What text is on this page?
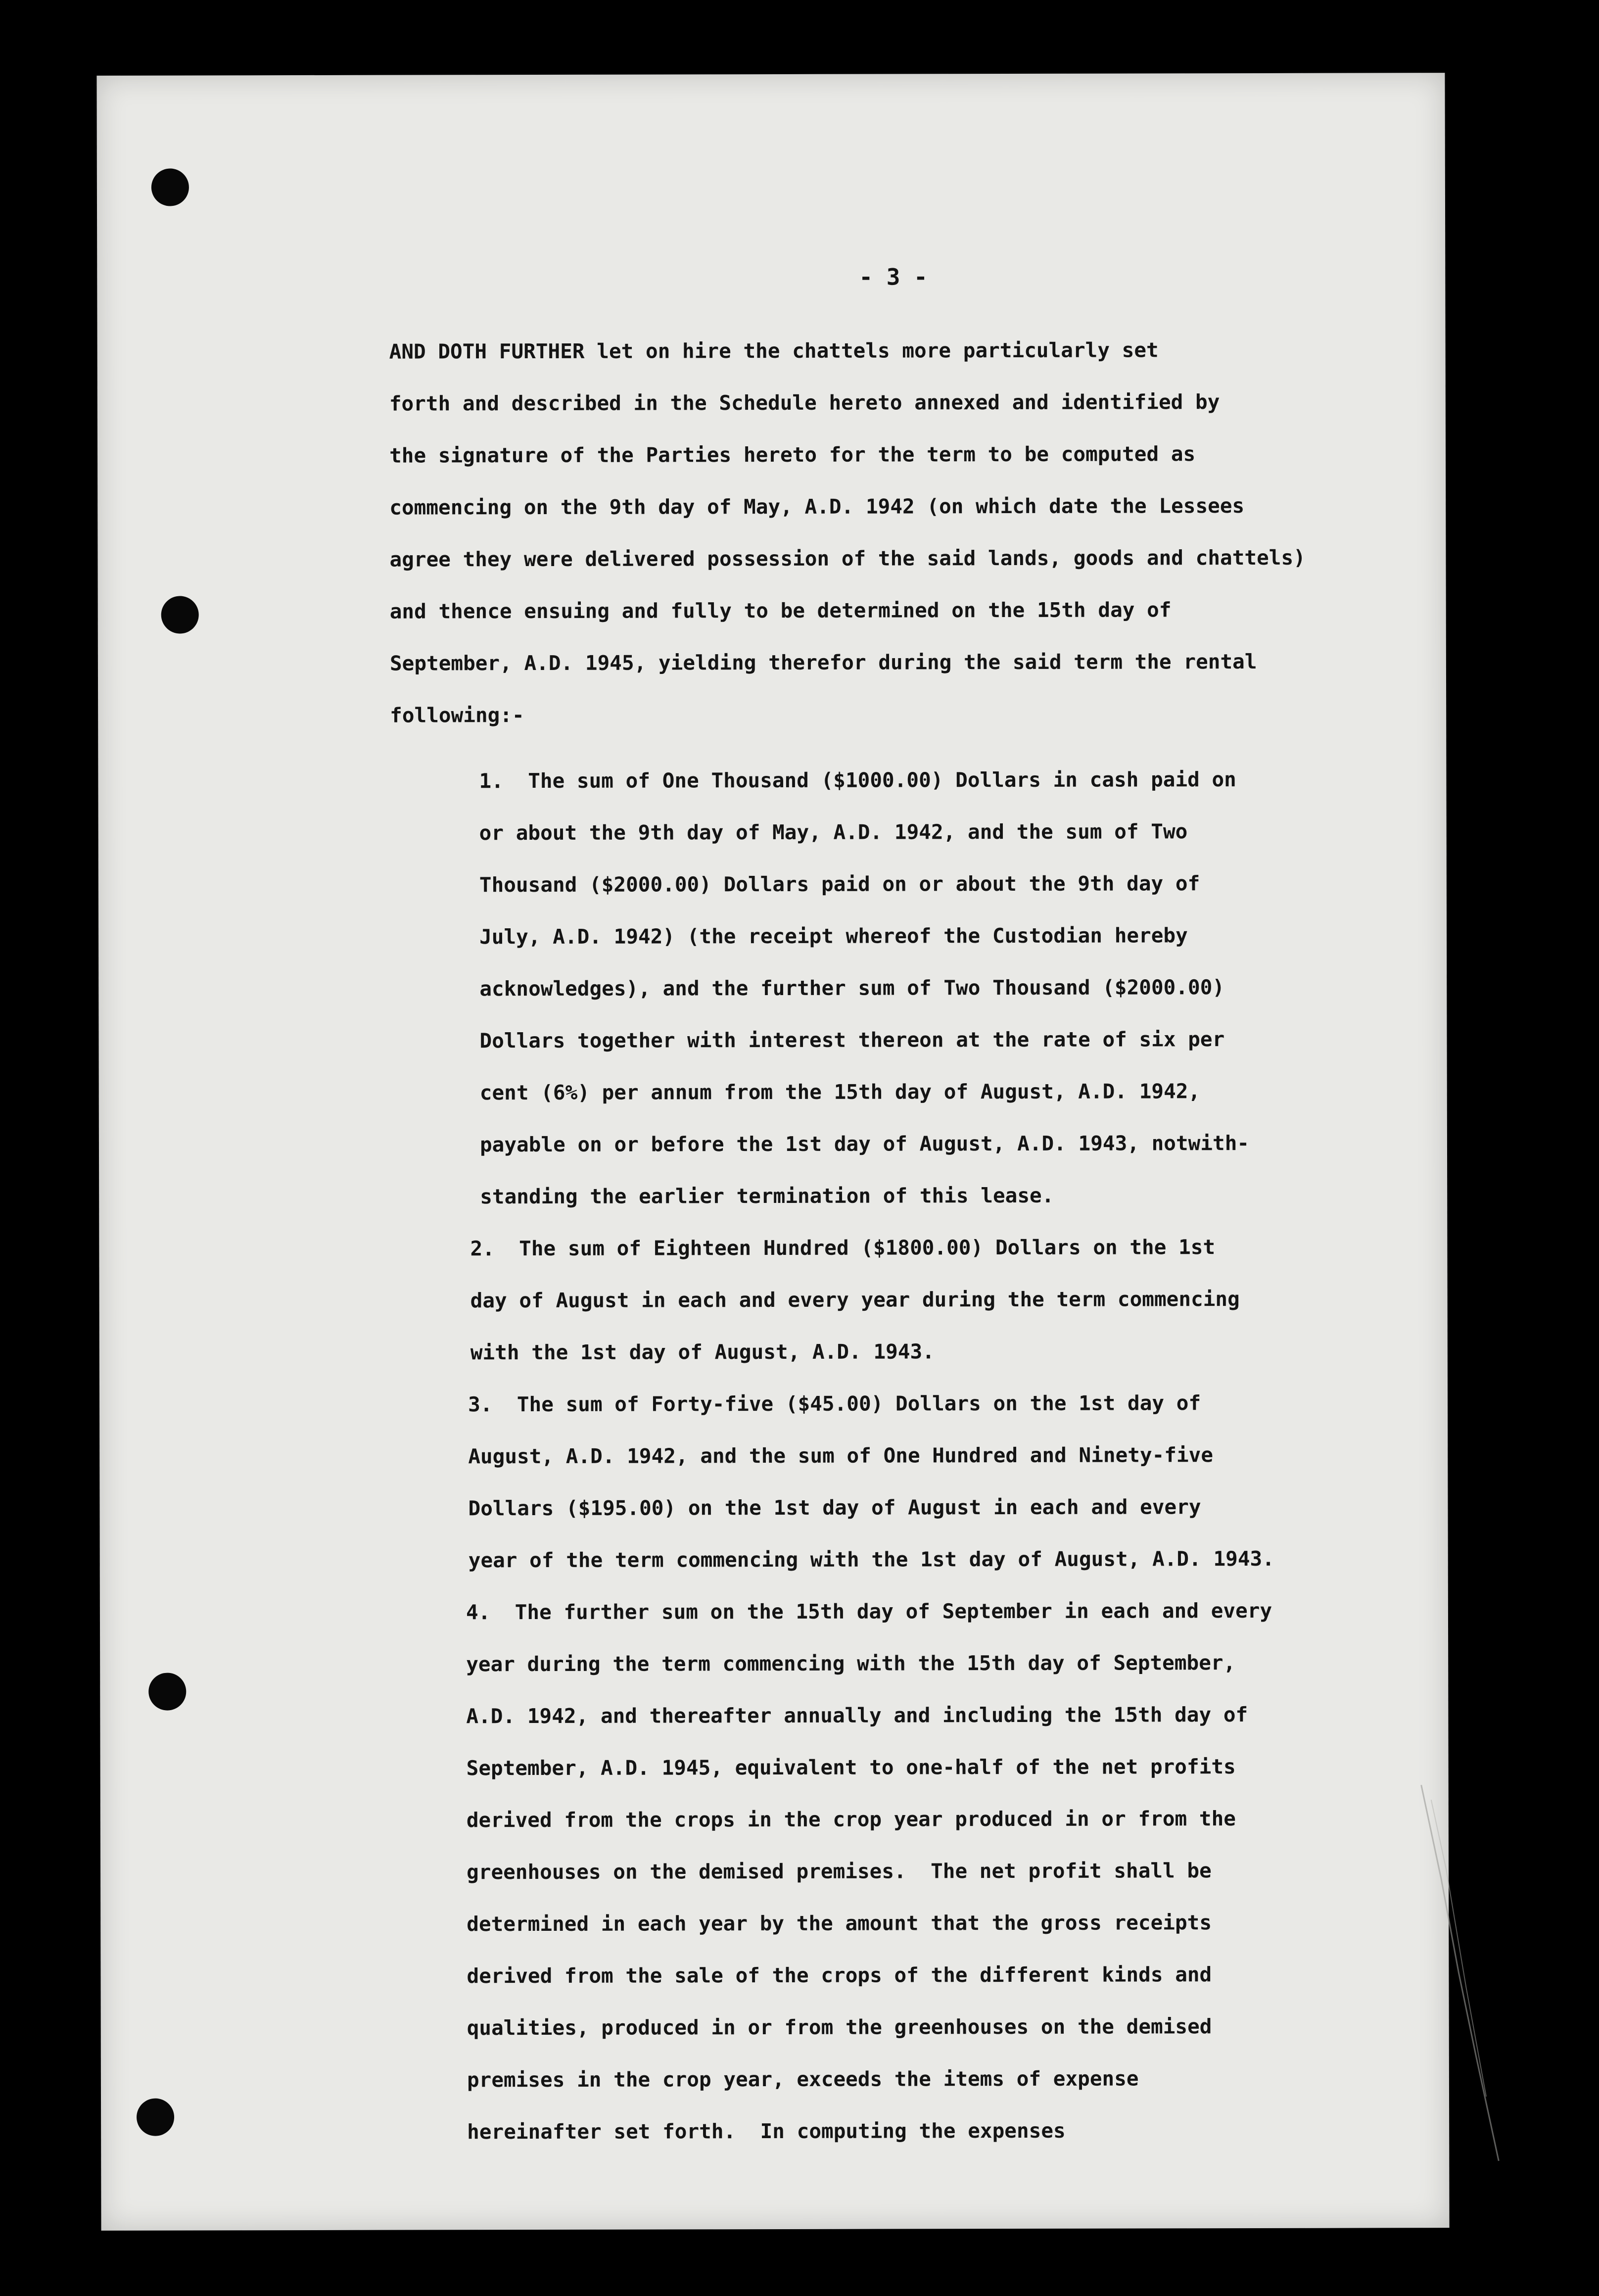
- 3 -
AND DOTH FURTHER let on hire the chattels more particularly set
forth and described in the Schedule hereto annexed and identified by
the signature of the Parties hereto for the term to be computed as
commencing on the 9th day of May, A.D. 1942 (on which date the Lessees
agree they were delivered possession of the said lands, goods and chattels)
and thence ensuing and fully to be determined on the 15th day of
September, A.D. 1945, yielding therefor during the said term the rental
following:-
1.  The sum of One Thousand ($1000.00) Dollars in cash paid on
or about the 9th day of May, A.D. 1942, and the sum of Two
Thousand ($2000.00) Dollars paid on or about the 9th day of
July, A.D. 1942) (the receipt whereof the Custodian hereby
acknowledges), and the further sum of Two Thousand ($2000.00)
Dollars together with interest thereon at the rate of six per
cent (6%) per annum from the 15th day of August, A.D. 1942,
payable on or before the 1st day of August, A.D. 1943, notwith-
standing the earlier termination of this lease.
2.  The sum of Eighteen Hundred ($1800.00) Dollars on the 1st
day of August in each and every year during the term commencing
with the 1st day of August, A.D. 1943.
3.  The sum of Forty-five ($45.00) Dollars on the 1st day of
August, A.D. 1942, and the sum of One Hundred and Ninety-five
Dollars ($195.00) on the 1st day of August in each and every
year of the term commencing with the 1st day of August, A.D. 1943.
4.  The further sum on the 15th day of September in each and every
year during the term commencing with the 15th day of September,
A.D. 1942, and thereafter annually and including the 15th day of
September, A.D. 1945, equivalent to one-half of the net profits
derived from the crops in the crop year produced in or from the
greenhouses on the demised premises.  The net profit shall be
determined in each year by the amount that the gross receipts
derived from the sale of the crops of the different kinds and
qualities, produced in or from the greenhouses on the demised
premises in the crop year, exceeds the items of expense
hereinafter set forth.  In computing the expenses
